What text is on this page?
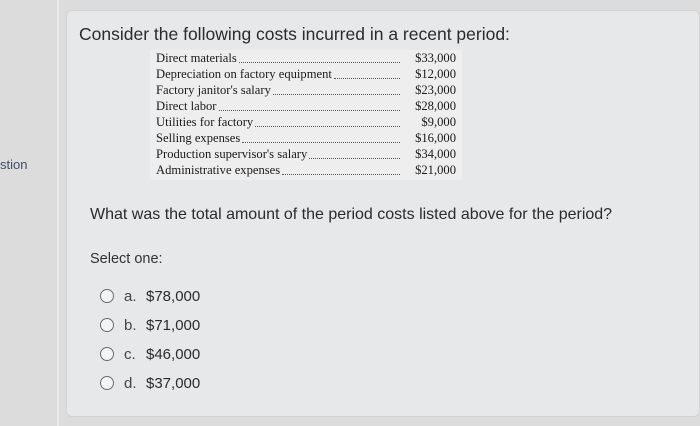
stion
Consider the following costs incurred in a recent period:
Direct materials	$33,000
Depreciation on factory equipment	$12,000
Factory janitor's salary	$23,000
Direct labor	$28,000
Utilities for factory	$9,000
Selling expenses	$16,000
Production supervisor's salary	$34,000
Administrative expenses	$21,000
What was the total amount of the period costs listed above for the period?
Select one:
a. $78,000
b. $71,000
c. $46,000
d. $37,000
